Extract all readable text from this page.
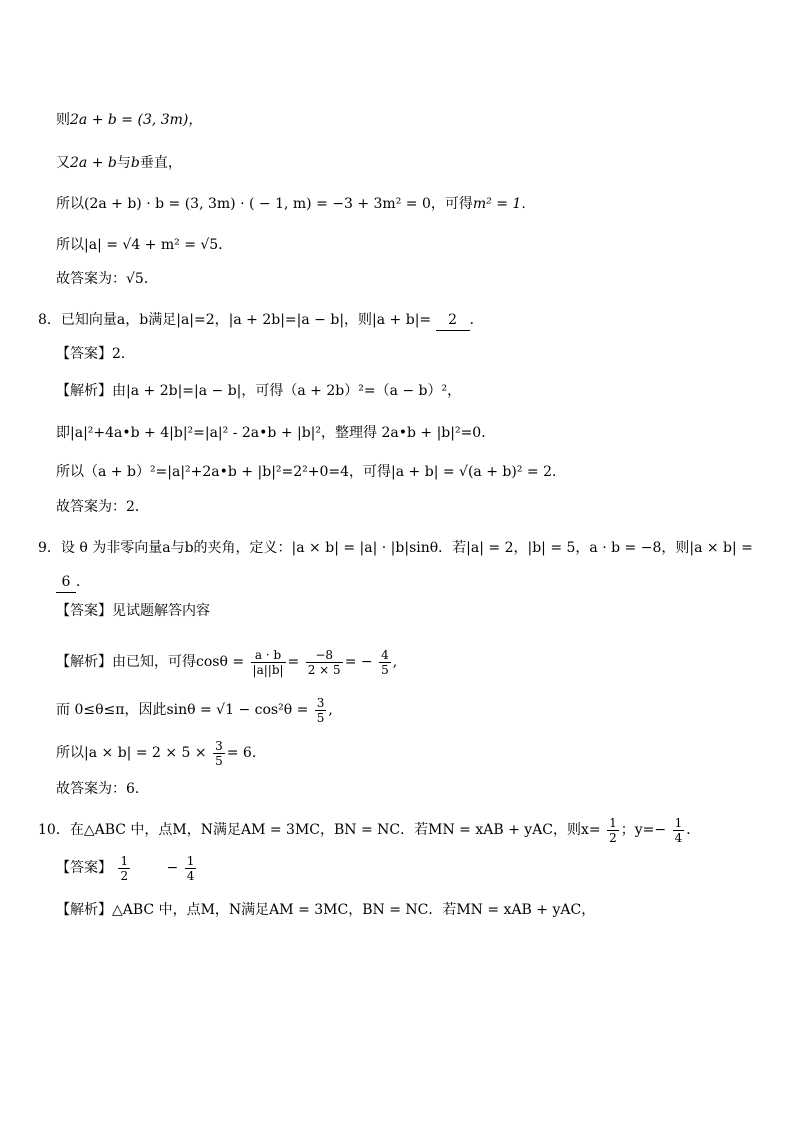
则2a + b = (3, 3m)，
又2a + b与b垂直，
所以(2a + b) · b = (3, 3m) · ( − 1, m) = −3 + 3m² = 0，可得m² = 1．
所以|a| = √4 + m² = √5．
故答案为：√5．
8．已知向量a，b满足|a|=2，|a + 2b|=|a − b|，则|a + b|= 2 ．
【答案】2．
【解析】由|a + 2b|=|a − b|，可得（a + 2b）²=（a − b）²，
即|a|²+4a•b + 4|b|²=|a|² - 2a•b + |b|²，整理得 2a•b + |b|²=0．
所以（a + b）²=|a|²+2a•b + |b|²=2²+0=4，可得|a + b| = √(a + b)² = 2．
故答案为：2．
9．设 θ 为非零向量a与b的夹角，定义：|a × b| = |a| · |b|sinθ．若|a| = 2，|b| = 5，a · b = −8，则|a × b| =
6 ．
【答案】见试题解答内容
【解析】由已知，可得$\cos\theta = \frac{a \cdot b}{|a||b|} = \frac{-8}{2 \times 5}$ = − $\frac{4}{5}$ ,
而 0≤θ≤π，因此$\sin\theta = √1 - \cos^2\theta = \frac{3}{5}$ ,
所以$|a \times b| = 2 \times 5 \times \frac{3}{5} = 6$．
故答案为：6．
10．在△ABC 中，点M，N满足AM = 3MC，BN = NC．若MN = xAB + yAC，则$x= \frac{1}{2}$ ；$y=- \frac{1}{4}$ ．
【答案】 $\frac{1}{2}$	− $\frac{1}{4}$
【解析】△ABC 中，点M，N满足AM = 3MC，BN = NC．若MN = xAB + yAC，
